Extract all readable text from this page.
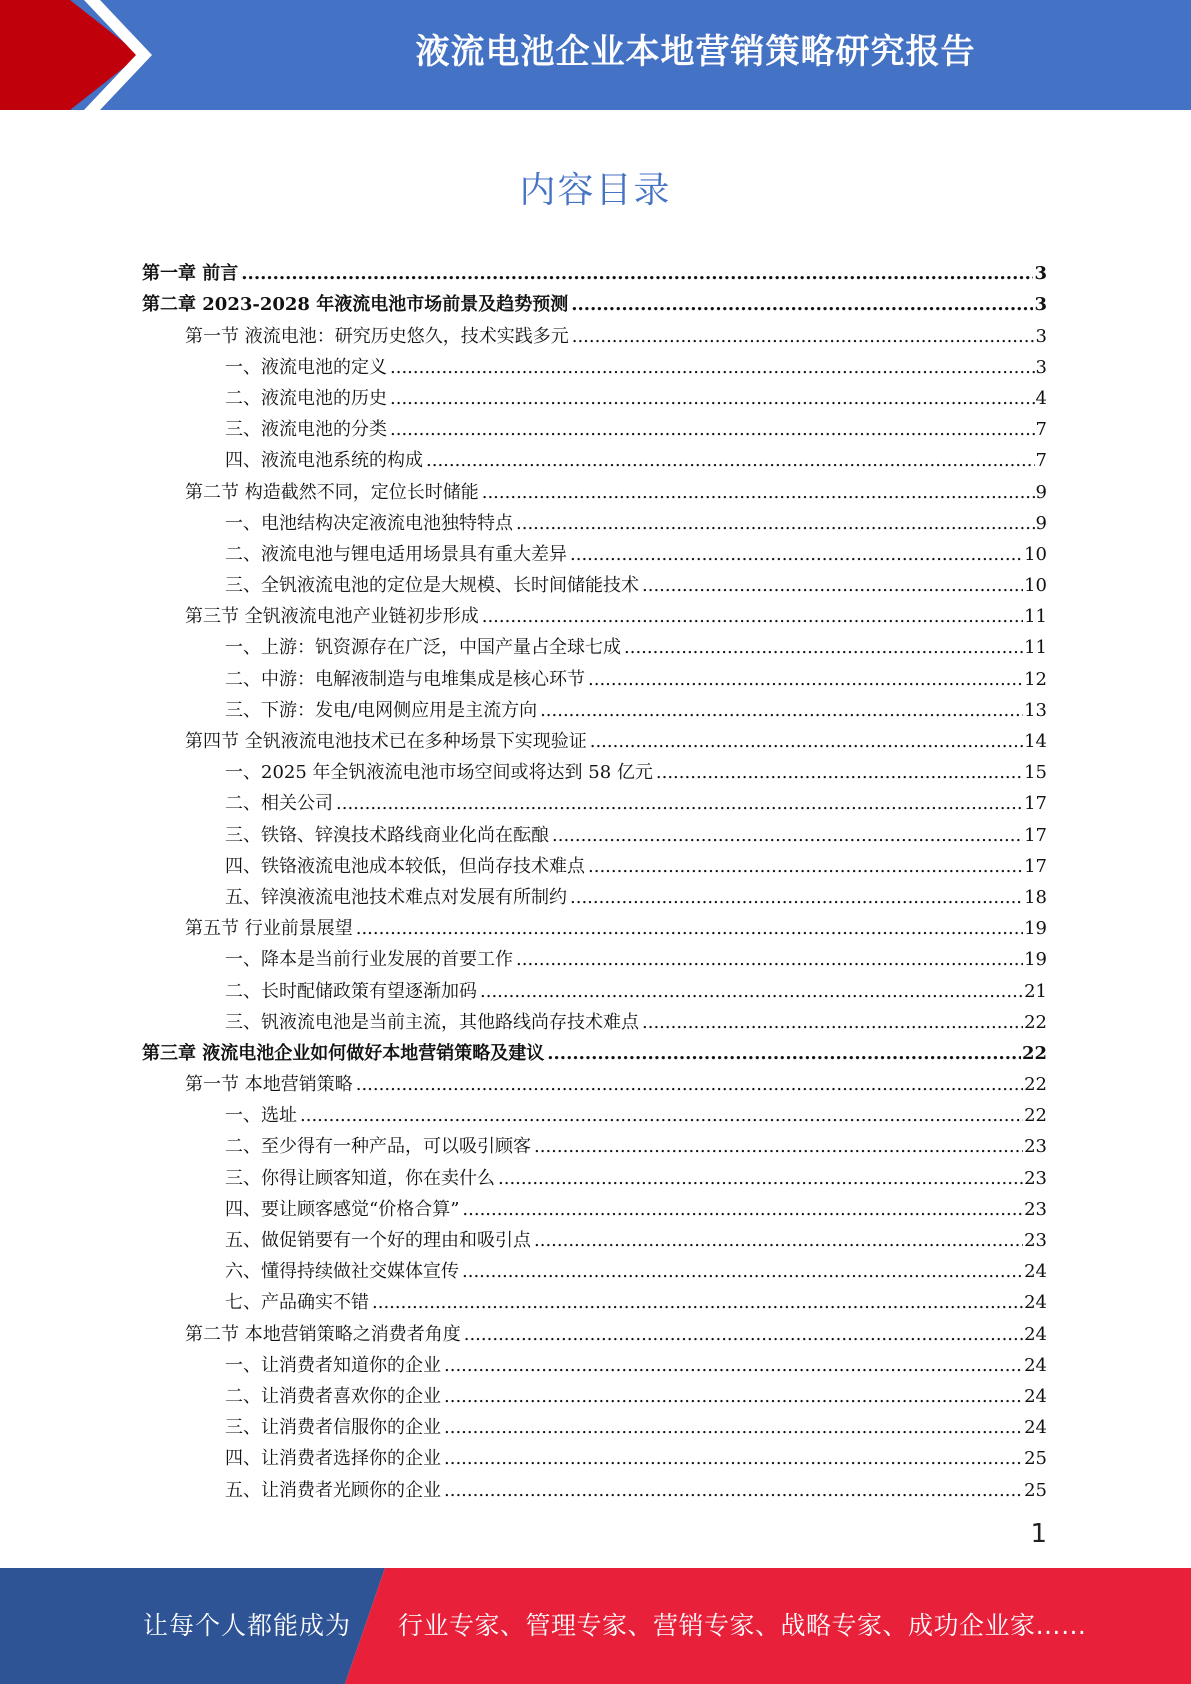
液流电池企业本地营销策略研究报告
内容目录
第一章 前言 .....	3
第二章 2023-2028 年液流电池市场前景及趋势预测 .....	3
第一节 液流电池：研究历史悠久，技术实践多元 .....	3
一、液流电池的定义 .....	3
二、液流电池的历史 .....	4
三、液流电池的分类 .....	7
四、液流电池系统的构成 .....	7
第二节 构造截然不同，定位长时储能 .....	9
一、电池结构决定液流电池独特特点 .....	9
二、液流电池与锂电适用场景具有重大差异 .....	10
三、全钒液流电池的定位是大规模、长时间储能技术 .....	10
第三节 全钒液流电池产业链初步形成 .....	11
一、上游：钒资源存在广泛，中国产量占全球七成 .....	11
二、中游：电解液制造与电堆集成是核心环节 .....	12
三、下游：发电/电网侧应用是主流方向 .....	13
第四节 全钒液流电池技术已在多种场景下实现验证 .....	14
一、2025 年全钒液流电池市场空间或将达到 58 亿元 .....	15
二、相关公司 .....	17
三、铁铬、锌溴技术路线商业化尚在酝酿 .....	17
四、铁铬液流电池成本较低，但尚存技术难点 .....	17
五、锌溴液流电池技术难点对发展有所制约 .....	18
第五节 行业前景展望 .....	19
一、降本是当前行业发展的首要工作 .....	19
二、长时配储政策有望逐渐加码 .....	21
三、钒液流电池是当前主流，其他路线尚存技术难点 .....	22
第三章 液流电池企业如何做好本地营销策略及建议 .....	22
第一节 本地营销策略 .....	22
一、选址 .....	22
二、至少得有一种产品，可以吸引顾客 .....	23
三、你得让顾客知道，你在卖什么 .....	23
四、要让顾客感觉“价格合算” .....	23
五、做促销要有一个好的理由和吸引点 .....	23
六、懂得持续做社交媒体宣传 .....	24
七、产品确实不错 .....	24
第二节 本地营销策略之消费者角度 .....	24
一、让消费者知道你的企业 .....	24
二、让消费者喜欢你的企业 .....	24
三、让消费者信服你的企业 .....	24
四、让消费者选择你的企业 .....	25
五、让消费者光顾你的企业 .....	25
1
让每个人都能成为 行业专家、管理专家、营销专家、战略专家、成功企业家……
